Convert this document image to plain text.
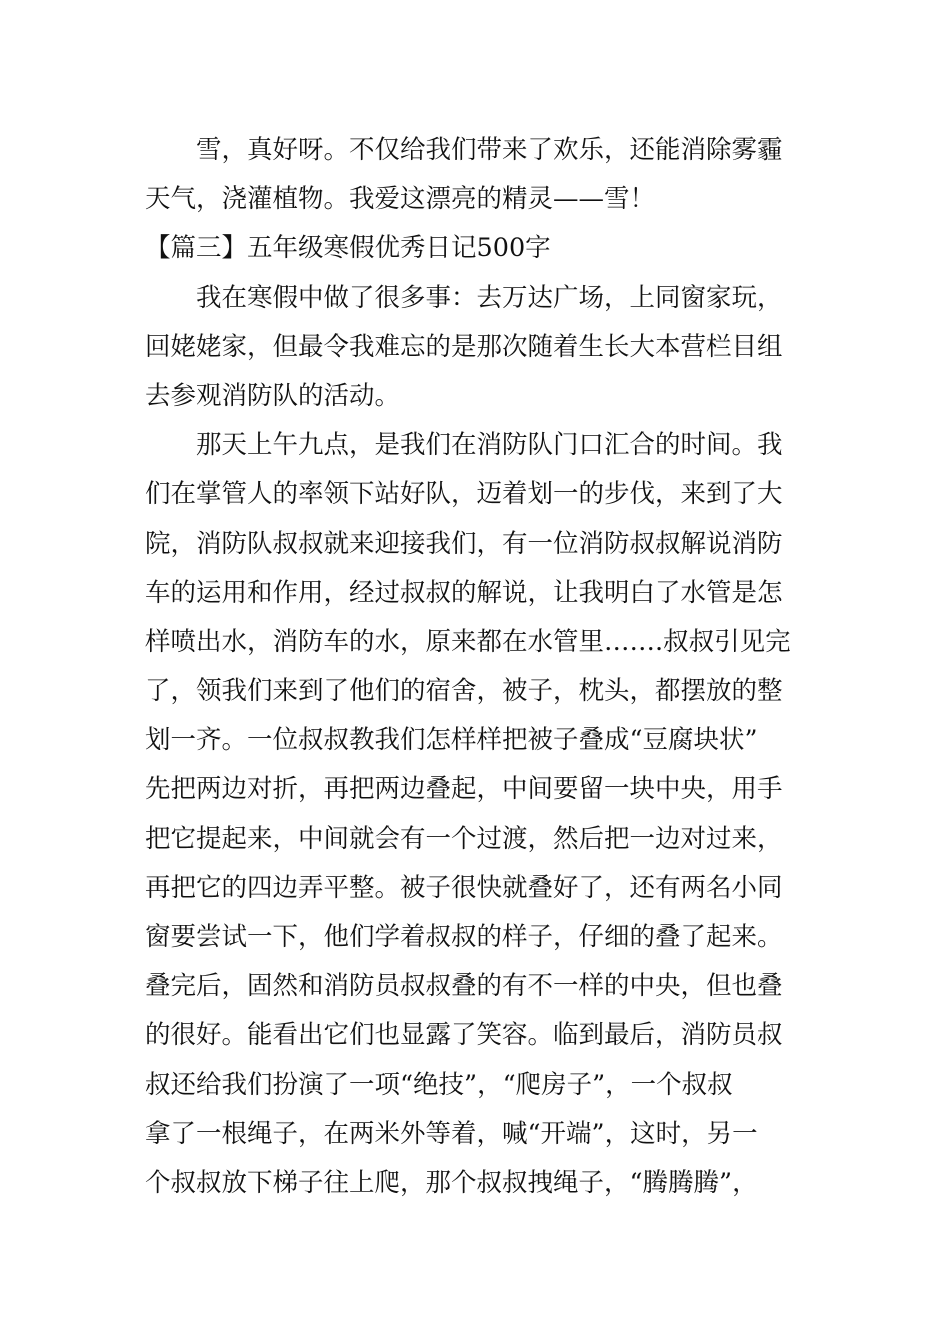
雪，真好呀。不仅给我们带来了欢乐，还能消除雾霾
天气，浇灌植物。我爱这漂亮的精灵——雪！
【篇三】五年级寒假优秀日记500字
我在寒假中做了很多事：去万达广场，上同窗家玩，
回姥姥家，但最令我难忘的是那次随着生长大本营栏目组
去参观消防队的活动。
那天上午九点，是我们在消防队门口汇合的时间。我
们在掌管人的率领下站好队，迈着划一的步伐，来到了大
院，消防队叔叔就来迎接我们，有一位消防叔叔解说消防
车的运用和作用，经过叔叔的解说，让我明白了水管是怎
样喷出水，消防车的水，原来都在水管里…….叔叔引见完
了，领我们来到了他们的宿舍，被子，枕头，都摆放的整
划一齐。一位叔叔教我们怎样样把被子叠成“豆腐块状”
先把两边对折，再把两边叠起，中间要留一块中央，用手
把它提起来，中间就会有一个过渡，然后把一边对过来，
再把它的四边弄平整。被子很快就叠好了，还有两名小同
窗要尝试一下，他们学着叔叔的样子，仔细的叠了起来。
叠完后，固然和消防员叔叔叠的有不一样的中央，但也叠
的很好。能看出它们也显露了笑容。临到最后，消防员叔
叔还给我们扮演了一项“绝技”，“爬房子”，一个叔叔
拿了一根绳子，在两米外等着，喊“开端”，这时，另一
个叔叔放下梯子往上爬，那个叔叔拽绳子，“腾腾腾”，
